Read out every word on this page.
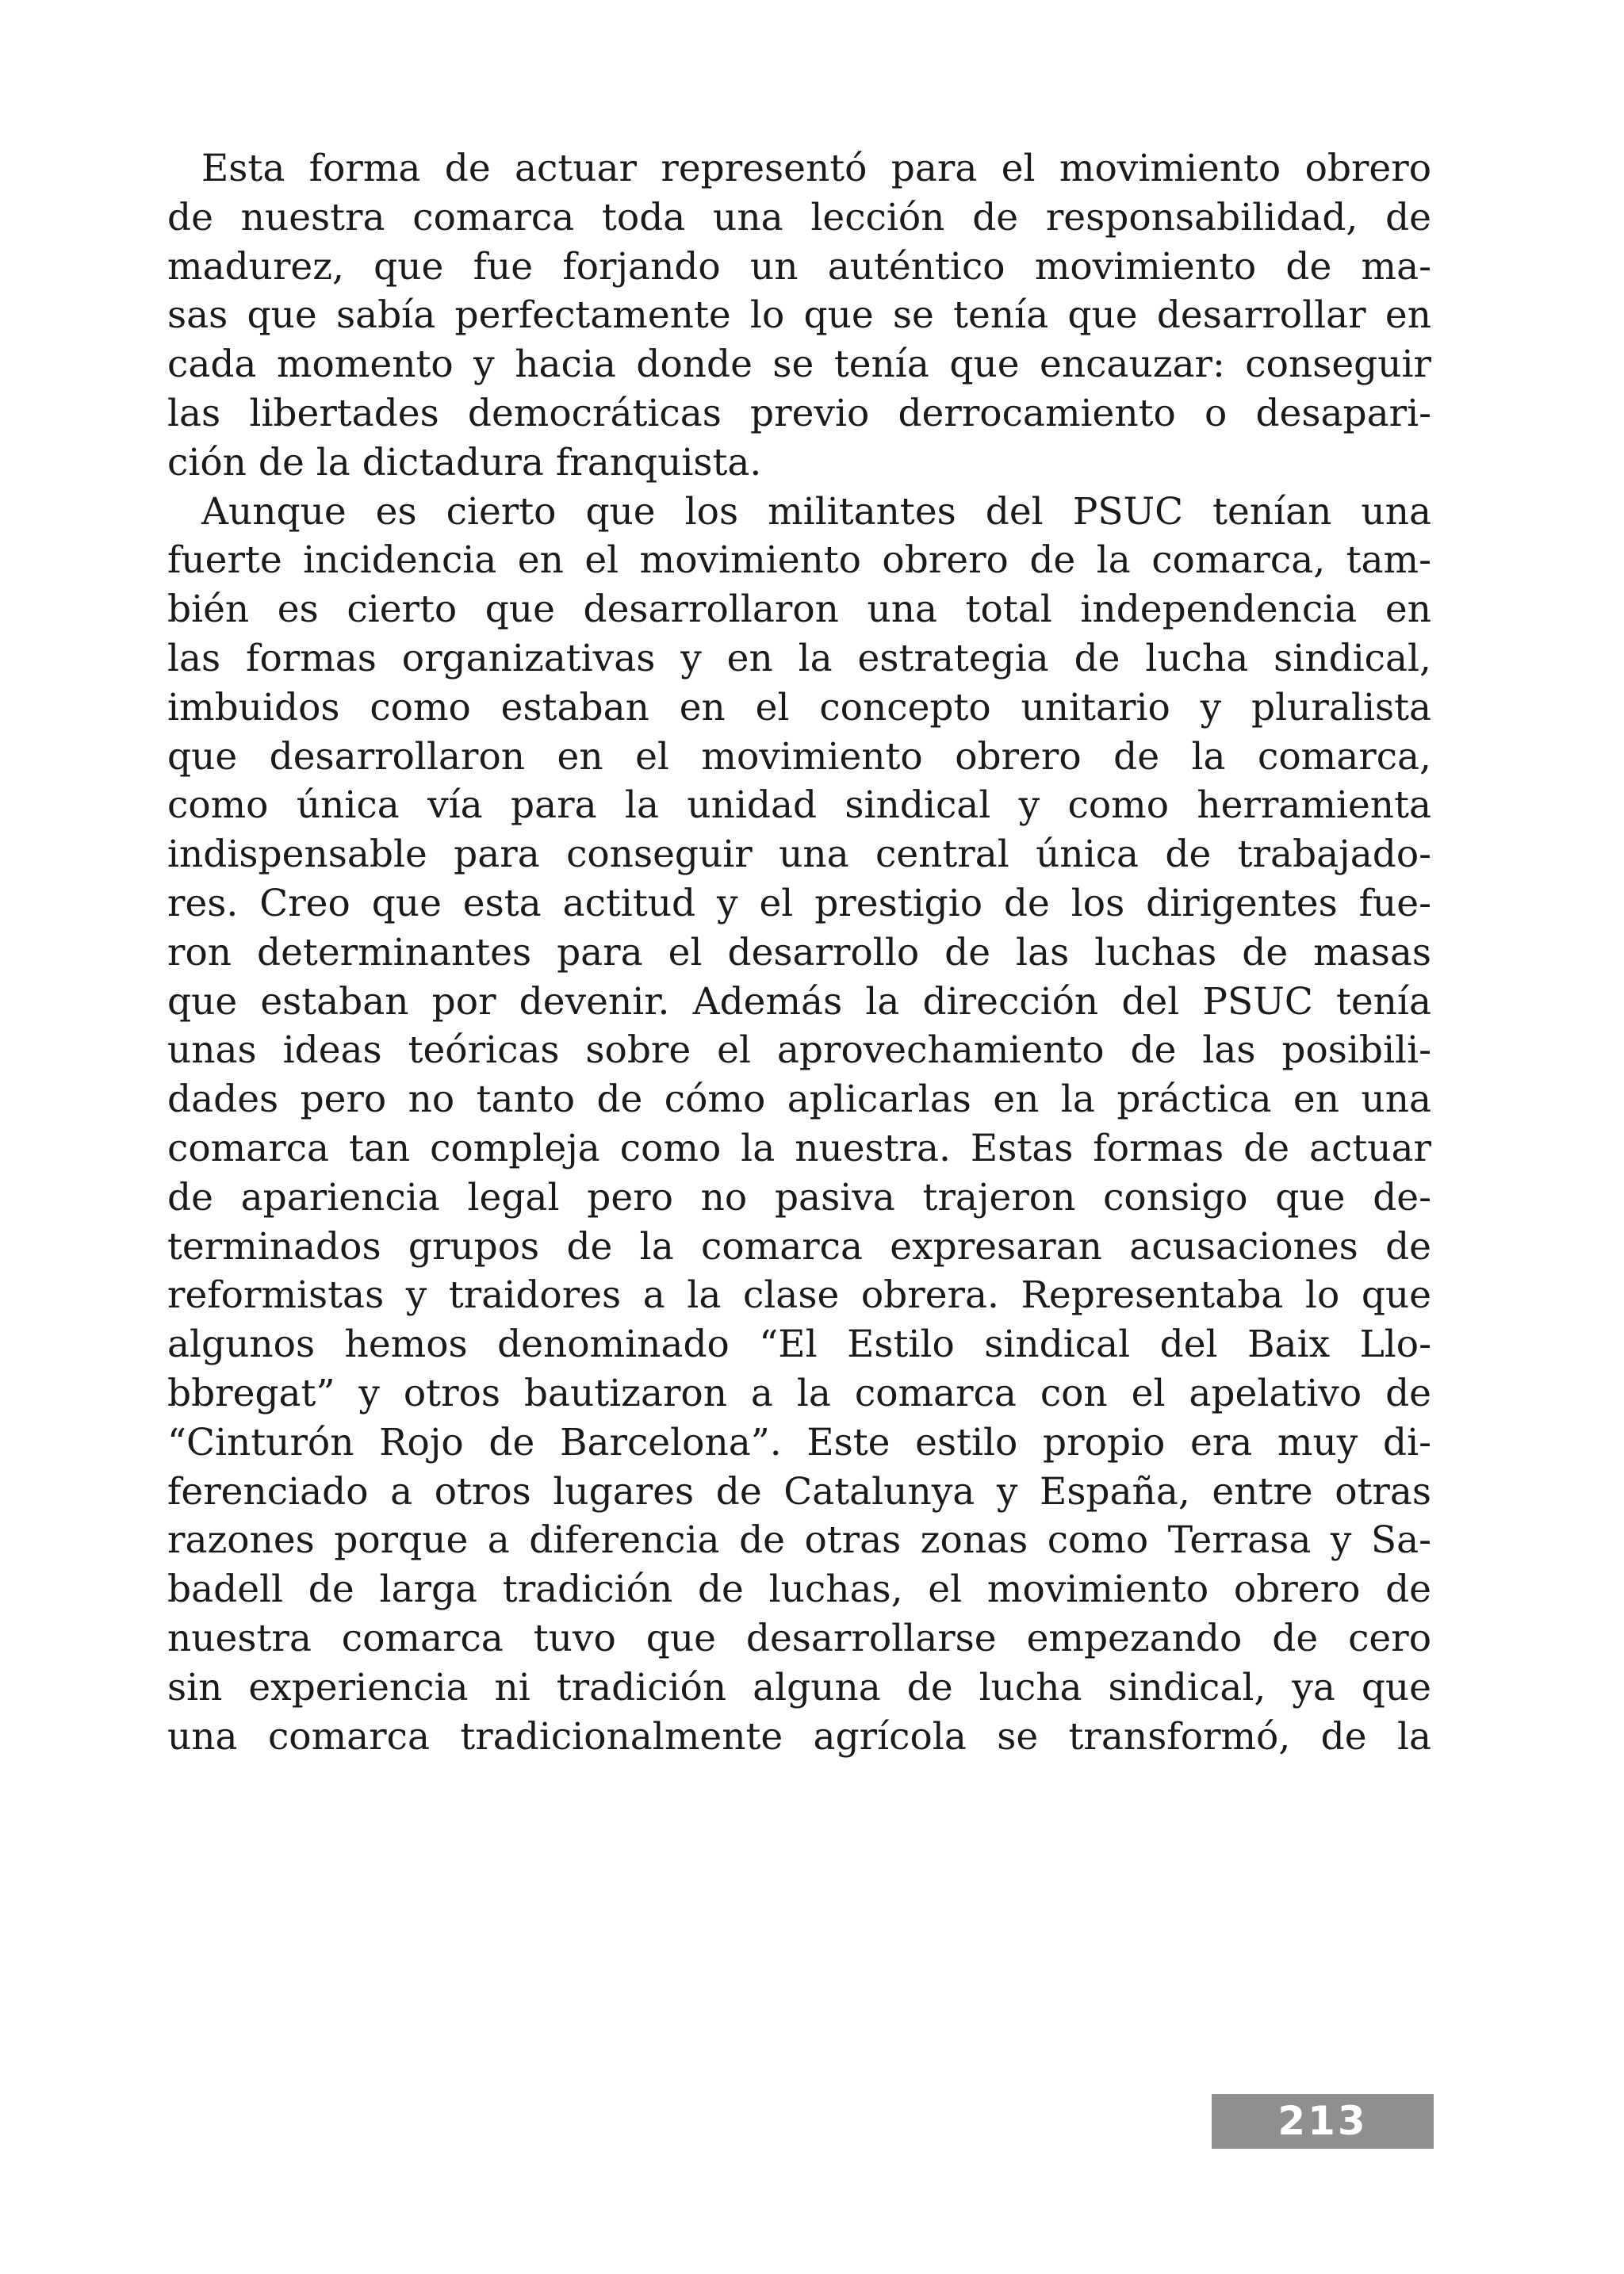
Esta forma de actuar representó para el movimiento obrero
de nuestra comarca toda una lección de responsabilidad, de
madurez, que fue forjando un auténtico movimiento de ma-
sas que sabía perfectamente lo que se tenía que desarrollar en
cada momento y hacia donde se tenía que encauzar: conseguir
las libertades democráticas previo derrocamiento o desapari-
ción de la dictadura franquista.
Aunque es cierto que los militantes del PSUC tenían una
fuerte incidencia en el movimiento obrero de la comarca, tam-
bién es cierto que desarrollaron una total independencia en
las formas organizativas y en la estrategia de lucha sindical,
imbuidos como estaban en el concepto unitario y pluralista
que desarrollaron en el movimiento obrero de la comarca,
como única vía para la unidad sindical y como herramienta
indispensable para conseguir una central única de trabajado-
res. Creo que esta actitud y el prestigio de los dirigentes fue-
ron determinantes para el desarrollo de las luchas de masas
que estaban por devenir. Además la dirección del PSUC tenía
unas ideas teóricas sobre el aprovechamiento de las posibili-
dades pero no tanto de cómo aplicarlas en la práctica en una
comarca tan compleja como la nuestra. Estas formas de actuar
de apariencia legal pero no pasiva trajeron consigo que de-
terminados grupos de la comarca expresaran acusaciones de
reformistas y traidores a la clase obrera. Representaba lo que
algunos hemos denominado “El Estilo sindical del Baix Llo-
bbregat” y otros bautizaron a la comarca con el apelativo de
“Cinturón Rojo de Barcelona”. Este estilo propio era muy di-
ferenciado a otros lugares de Catalunya y España, entre otras
razones porque a diferencia de otras zonas como Terrasa y Sa-
badell de larga tradición de luchas, el movimiento obrero de
nuestra comarca tuvo que desarrollarse empezando de cero
sin experiencia ni tradición alguna de lucha sindical, ya que
una comarca tradicionalmente agrícola se transformó, de la
213
